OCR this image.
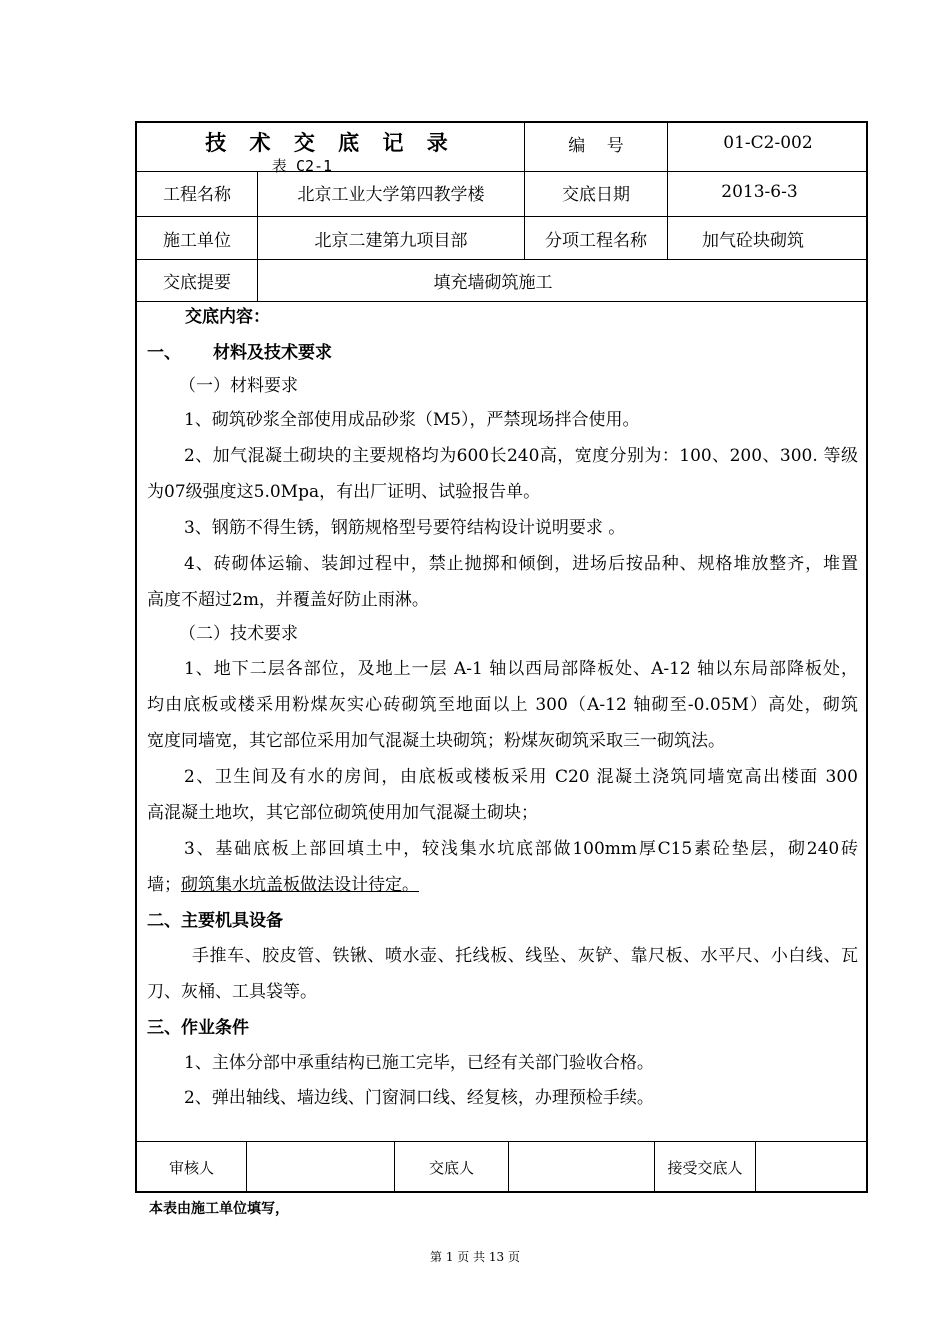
技 术 交 底 记 录
表 C2-1
编    号	01-C2-002
工程名称	北京工业大学第四教学楼	交底日期	2013-6-3
施工单位	北京二建第九项目部	分项工程名称	加气砼块砌筑
交底提要	填充墙砌筑施工
交底内容：
一、 材料及技术要求
（一）材料要求
1、砌筑砂浆全部使用成品砂浆（M5），严禁现场拌合使用。
2、加气混凝土砌块的主要规格均为600长240高，宽度分别为：100、200、300. 等级
为07级强度这5.0Mpa，有出厂证明、试验报告单。
3、钢筋不得生锈，钢筋规格型号要符结构设计说明要求 。
4、砖砌体运输、装卸过程中，禁止抛掷和倾倒，进场后按品种、规格堆放整齐，堆置
高度不超过2m，并覆盖好防止雨淋。
（二）技术要求
1、地下二层各部位，及地上一层 A-1 轴以西局部降板处、A-12 轴以东局部降板处，
均由底板或楼采用粉煤灰实心砖砌筑至地面以上 300（A-12 轴砌至-0.05M）高处，砌筑
宽度同墙宽，其它部位采用加气混凝土块砌筑；粉煤灰砌筑采取三一砌筑法。
2、卫生间及有水的房间，由底板或楼板采用 C20 混凝土浇筑同墙宽高出楼面 300
高混凝土地坎，其它部位砌筑使用加气混凝土砌块；
3、基础底板上部回填土中，较浅集水坑底部做100mm厚C15素砼垫层，砌240砖
墙；砌筑集水坑盖板做法设计待定。
二、主要机具设备
手推车、胶皮管、铁锹、喷水壶、托线板、线坠、灰铲、靠尺板、水平尺、小白线、瓦
刀、灰桶、工具袋等。
三、作业条件
1、主体分部中承重结构已施工完毕，已经有关部门验收合格。
2、弹出轴线、墙边线、门窗洞口线、经复核，办理预检手续。
审核人	交底人	接受交底人
本表由施工单位填写，
第 1 页 共 13 页
